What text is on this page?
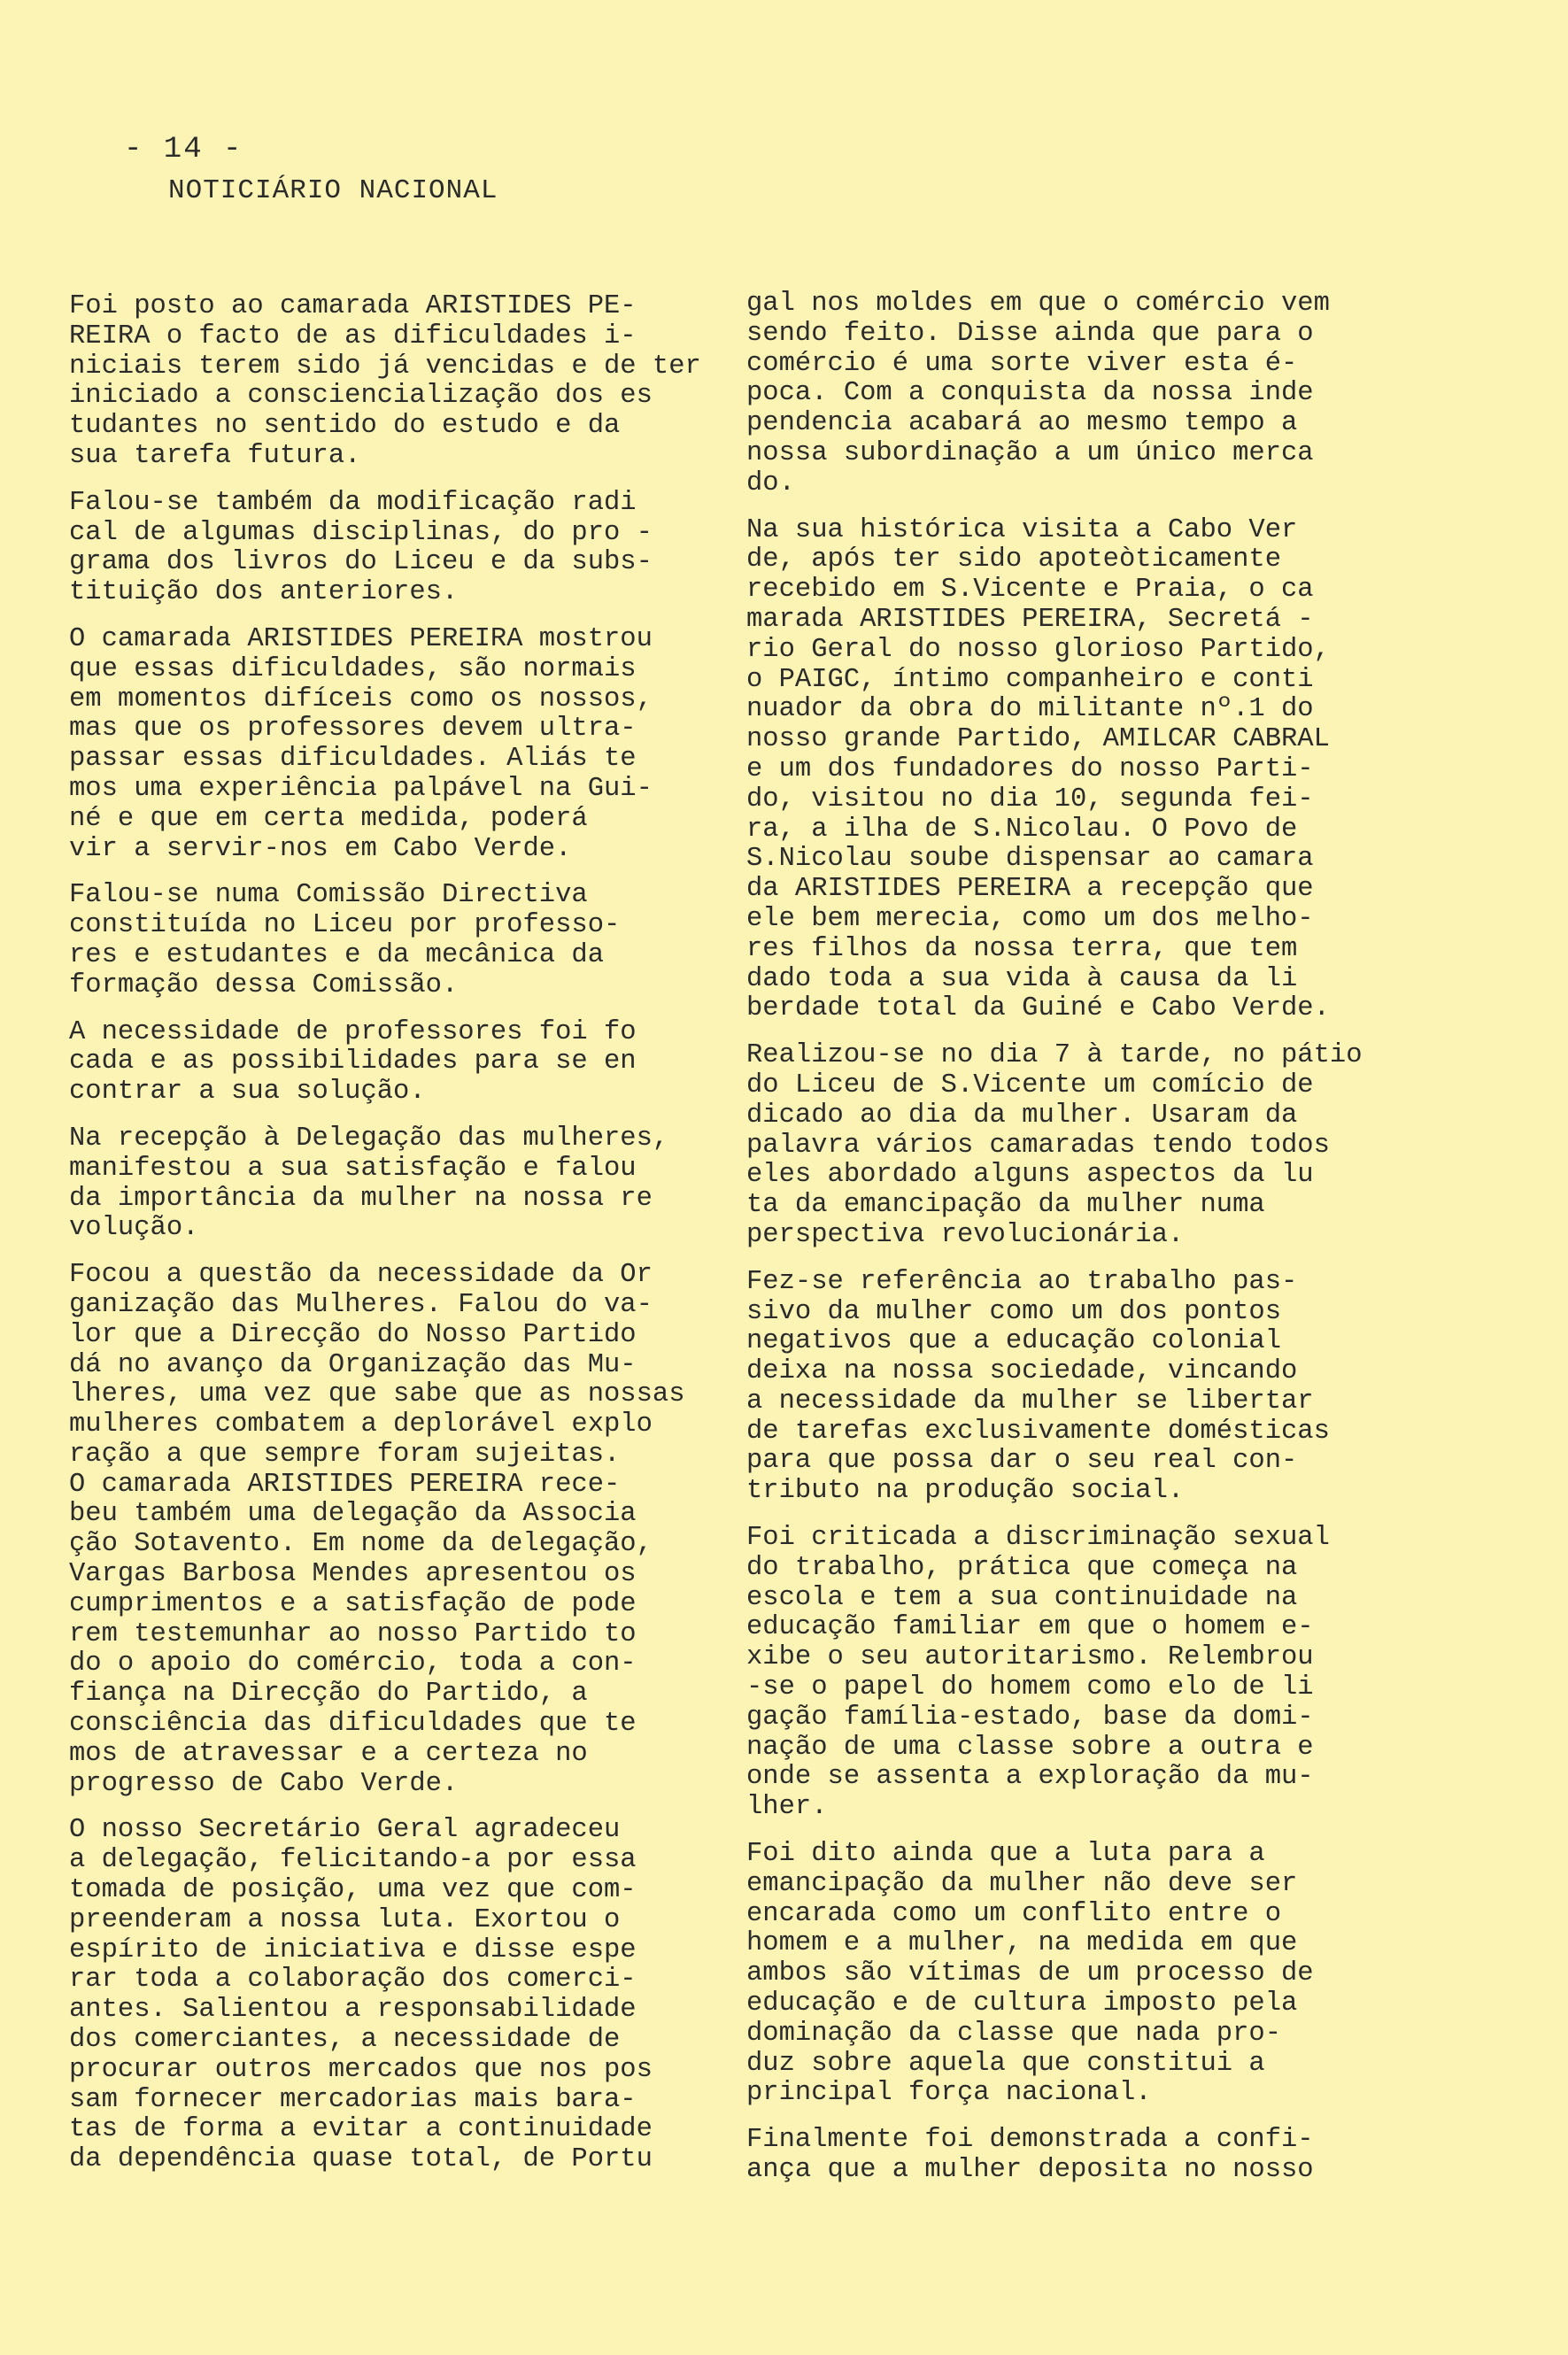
- 14 -
NOTICIÁRIO NACIONAL

Foi posto ao camarada ARISTIDES PE-
REIRA o facto de as dificuldades i-
niciais terem sido já vencidas e de ter
iniciado a consciencialização dos es
tudantes no sentido do estudo e da
sua tarefa futura.

Falou-se também da modificação radi
cal de algumas disciplinas, do pro -
grama dos livros do Liceu e da subs-
tituição dos anteriores.

O camarada ARISTIDES PEREIRA mostrou
que essas dificuldades, são normais
em momentos difíceis como os nossos,
mas que os professores devem ultra-
passar essas dificuldades. Aliás te
mos uma experiência palpável na Gui-
né e que em certa medida, poderá
vir a servir-nos em Cabo Verde.

Falou-se numa Comissão Directiva
constituída no Liceu por professo-
res e estudantes e da mecânica da
formação dessa Comissão.

A necessidade de professores foi fo
cada e as possibilidades para se en
contrar a sua solução.

Na recepção à Delegação das mulheres,
manifestou a sua satisfação e falou
da importância da mulher na nossa re
volução.

Focou a questão da necessidade da Or
ganização das Mulheres. Falou do va-
lor que a Direcção do Nosso Partido
dá no avanço da Organização das Mu-
lheres, uma vez que sabe que as nossas
mulheres combatem a deplorável explo
ração a que sempre foram sujeitas.

O camarada ARISTIDES PEREIRA rece-
beu também uma delegação da Associa
ção Sotavento. Em nome da delegação,
Vargas Barbosa Mendes apresentou os
cumprimentos e a satisfação de pode
rem testemunhar ao nosso Partido to
do o apoio do comércio, toda a con-
fiança na Direcção do Partido, a
consciência das dificuldades que te
mos de atravessar e a certeza no
progresso de Cabo Verde.

O nosso Secretário Geral agradeceu
a delegação, felicitando-a por essa
tomada de posição, uma vez que com-
preenderam a nossa luta. Exortou o
espírito de iniciativa e disse espe
rar toda a colaboração dos comerci-
antes. Salientou a responsabilidade
dos comerciantes, a necessidade de
procurar outros mercados que nos pos
sam fornecer mercadorias mais bara-
tas de forma a evitar a continuidade
da dependência quase total, de Portu

gal nos moldes em que o comércio vem
sendo feito. Disse ainda que para o
comércio é uma sorte viver esta é-
poca. Com a conquista da nossa inde
pendencia acabará ao mesmo tempo a
nossa subordinação a um único merca
do.

Na sua histórica visita a Cabo Ver
de, após ter sido apoteòticamente
recebido em S.Vicente e Praia, o ca
marada ARISTIDES PEREIRA, Secretá -
rio Geral do nosso glorioso Partido,
o PAIGC, íntimo companheiro e conti
nuador da obra do militante nº.1 do
nosso grande Partido, AMILCAR CABRAL
e um dos fundadores do nosso Parti-
do, visitou no dia 10, segunda fei-
ra, a ilha de S.Nicolau. O Povo de
S.Nicolau soube dispensar ao camara
da ARISTIDES PEREIRA a recepção que
ele bem merecia, como um dos melho-
res filhos da nossa terra, que tem
dado toda a sua vida à causa da li
berdade total da Guiné e Cabo Verde.

Realizou-se no dia 7 à tarde, no pátio
do Liceu de S.Vicente um comício de
dicado ao dia da mulher. Usaram da
palavra vários camaradas tendo todos
eles abordado alguns aspectos da lu
ta da emancipação da mulher numa
perspectiva revolucionária.

Fez-se referência ao trabalho pas-
sivo da mulher como um dos pontos
negativos que a educação colonial
deixa na nossa sociedade, vincando
a necessidade da mulher se libertar
de tarefas exclusivamente domésticas
para que possa dar o seu real con-
tributo na produção social.

Foi criticada a discriminação sexual
do trabalho, prática que começa na
escola e tem a sua continuidade na
educação familiar em que o homem e-
xibe o seu autoritarismo. Relembrou
-se o papel do homem como elo de li
gação família-estado, base da domi-
nação de uma classe sobre a outra e
onde se assenta a exploração da mu-
lher.

Foi dito ainda que a luta para a
emancipação da mulher não deve ser
encarada como um conflito entre o
homem e a mulher, na medida em que
ambos são vítimas de um processo de
educação e de cultura imposto pela
dominação da classe que nada pro-
duz sobre aquela que constitui a
principal força nacional.

Finalmente foi demonstrada a confi-
ança que a mulher deposita no nosso
